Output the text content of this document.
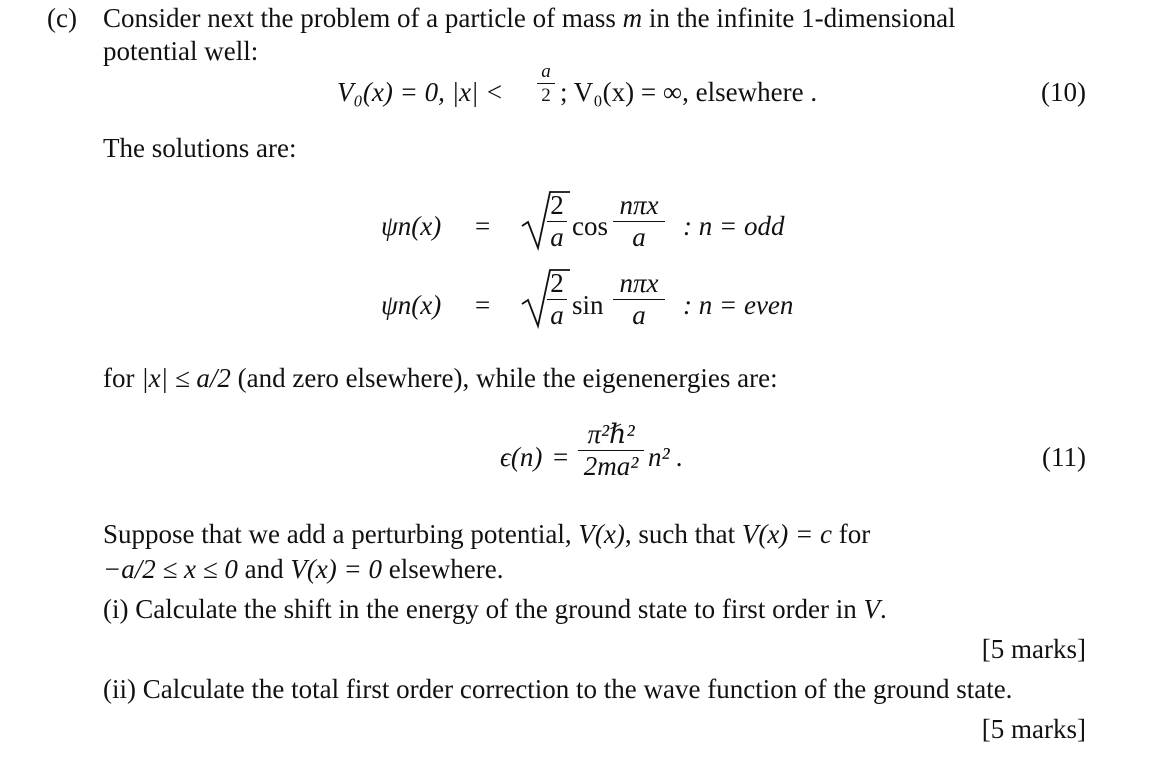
(c) Consider next the problem of a particle of mass m in the infinite 1-dimensional
potential well:
V₀(x) = 0, |x| <
a
2 ; V₀(x) = ∞, elsewhere .	(10)
The solutions are:
ψn(x) =
2
a cos
nπx
a	: n = odd
ψn(x) =
2
a sin
nπx
a	: n = even
for |x| ≤ a/2 (and zero elsewhere), while the eigenenergies are:
ϵ(n) =
π²ℏ²
2ma² n² .	(11)
Suppose that we add a perturbing potential, V(x), such that V(x) = c for
−a/2 ≤ x ≤ 0 and V(x) = 0 elsewhere.
(i) Calculate the shift in the energy of the ground state to first order in V.
[5 marks]
(ii) Calculate the total first order correction to the wave function of the ground state.
[5 marks]
